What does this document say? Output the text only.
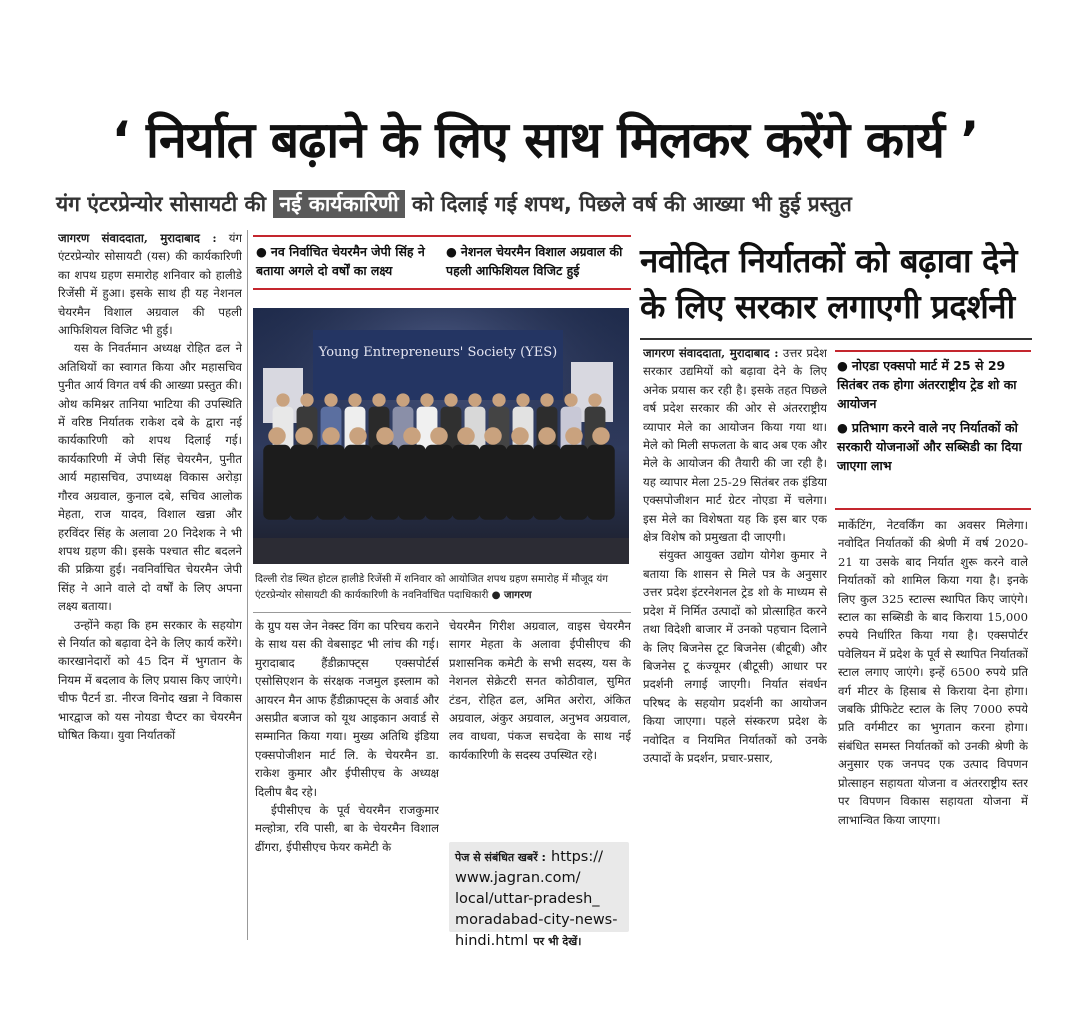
‘ निर्यात बढ़ाने के लिए साथ मिलकर करेंगे कार्य ’
यंग एंटरप्रेन्योर सोसायटी की नई कार्यकारिणी को दिलाई गई शपथ, पिछले वर्ष की आख्या भी हुई प्रस्तुत

जागरण संवाददाता, मुरादाबाद : यंग एंटरप्रेन्योर सोसायटी (यस) की कार्यकारिणी का शपथ ग्रहण समारोह शनिवार को हालीडे रिजेंसी में हुआ। इसके साथ ही यह नेशनल चेयरमैन विशाल अग्रवाल की पहली आफिशियल विजिट भी हुई।

यस के निवर्तमान अध्यक्ष रोहित ढल ने अतिथियों का स्वागत किया और महासचिव पुनीत आर्य विगत वर्ष की आख्या प्रस्तुत की। ओथ कमिश्नर तानिया भाटिया की उपस्थिति में वरिष्ठ निर्यातक राकेश दबे के द्वारा नई कार्यकारिणी को शपथ दिलाई गई। कार्यकारिणी में जेपी सिंह चेयरमैन, पुनीत आर्य महासचिव, उपाध्यक्ष विकास अरोड़ा गौरव अग्रवाल, कुनाल दबे, सचिव आलोक मेहता, राज यादव, विशाल खन्ना और हरविंदर सिंह के अलावा 20 निदेशक ने भी शपथ ग्रहण की। इसके पश्चात सीट बदलने की प्रक्रिया हुई। नवनिर्वाचित चेयरमैन जेपी सिंह ने आने वाले दो वर्षों के लिए अपना लक्ष्य बताया।

उन्होंने कहा कि हम सरकार के सहयोग से निर्यात को बढ़ावा देने के लिए कार्य करेंगे। कारखानेदारों को 45 दिन में भुगतान के नियम में बदलाव के लिए प्रयास किए जाएंगे। चीफ पैटर्न डा. नीरज विनोद खन्ना ने विकास भारद्वाज को यस नोयडा चैप्टर का चेयरमैन घोषित किया। युवा निर्यातकों

● नव निर्वाचित चेयरमैन जेपी सिंह ने बताया अगले दो वर्षों का लक्ष्य
● नेशनल चेयरमैन विशाल अग्रवाल की पहली आफिशियल विजिट हुई
Young Entrepreneurs' Society (YES)
दिल्ली रोड स्थित होटल हालीडे रिजेंसी में शनिवार को आयोजित शपथ ग्रहण समारोह में मौजूद यंग एंटरप्रेन्योर सोसायटी की कार्यकारिणी के नवनिर्वाचित पदाधिकारी ● जागरण

के ग्रुप यस जेन नेक्स्ट विंग का परिचय कराने के साथ यस की वेबसाइट भी लांच की गई। मुरादाबाद हैंडीक्राफ्ट्स एक्सपोर्टर्स एसोसिएशन के संरक्षक नजमुल इस्लाम को आयरन मैन आफ हैंडीक्राफ्ट्स के अवार्ड और असप्रीत बजाज को यूथ आइकान अवार्ड से सम्मानित किया गया। मुख्य अतिथि इंडिया एक्सपोजीशन मार्ट लि. के चेयरमैन डा. राकेश कुमार और ईपीसीएच के अध्यक्ष दिलीप बैद रहे।

ईपीसीएच के पूर्व चेयरमैन राजकुमार मल्होत्रा, रवि पासी, बा के चेयरमैन विशाल ढींगरा, ईपीसीएच फेयर कमेटी के

चेयरमैन गिरीश अग्रवाल, वाइस चेयरमैन सागर मेहता के अलावा ईपीसीएच की प्रशासनिक कमेटी के सभी सदस्य, यस के नेशनल सेक्रेटरी सनत कोठीवाल, सुमित टंडन, रोहित ढल, अमित अरोरा, अंकित अग्रवाल, अंकुर अग्रवाल, अनुभव अग्रवाल, लव वाधवा, पंकज सचदेवा के साथ नई कार्यकारिणी के सदस्य उपस्थित रहे।

पेज से संबंधित खबरें : https:// www.jagran.com/ local/uttar-pradesh_ moradabad-city-news-hindi.html पर भी देखें।
नवोदित निर्यातकों को बढ़ावा देने के लिए सरकार लगाएगी प्रदर्शनी

जागरण संवाददाता, मुरादाबाद : उत्तर प्रदेश सरकार उद्यमियों को बढ़ावा देने के लिए अनेक प्रयास कर रही है। इसके तहत पिछले वर्ष प्रदेश सरकार की ओर से अंतरराष्ट्रीय व्यापार मेले का आयोजन किया गया था। मेले को मिली सफलता के बाद अब एक और मेले के आयोजन की तैयारी की जा रही है। यह व्यापार मेला 25-29 सितंबर तक इंडिया एक्सपोजीशन मार्ट ग्रेटर नोएडा में चलेगा। इस मेले का विशेषता यह कि इस बार एक क्षेत्र विशेष को प्रमुखता दी जाएगी।

संयुक्त आयुक्त उद्योग योगेश कुमार ने बताया कि शासन से मिले पत्र के अनुसार उत्तर प्रदेश इंटरनेशनल ट्रेड शो के माध्यम से प्रदेश में निर्मित उत्पादों को प्रोत्साहित करने तथा विदेशी बाजार में उनको पहचान दिलाने के लिए बिजनेस टूट बिजनेस (बीटूबी) और बिजनेस टू कंज्यूमर (बीटूसी) आधार पर प्रदर्शनी लगाई जाएगी। निर्यात संवर्धन परिषद के सहयोग प्रदर्शनी का आयोजन किया जाएगा। पहले संस्करण प्रदेश के नवोदित व नियमित निर्यातकों को उनके उत्पादों के प्रदर्शन, प्रचार-प्रसार,

● नोएडा एक्सपो मार्ट में 25 से 29 सितंबर तक होगा अंतरराष्ट्रीय ट्रेड शो का आयोजन
● प्रतिभाग करने वाले नए निर्यातकों को सरकारी योजनाओं और सब्सिडी का दिया जाएगा लाभ

मार्केटिंग, नेटवर्किंग का अवसर मिलेगा। नवोदित निर्यातकों की श्रेणी में वर्ष 2020-21 या उसके बाद निर्यात शुरू करने वाले निर्यातकों को शामिल किया गया है। इनके लिए कुल 325 स्टाल्स स्थापित किए जाएंगे। स्टाल का सब्सिडी के बाद किराया 15,000 रुपये निर्धारित किया गया है। एक्सपोर्टर पवेलियन में प्रदेश के पूर्व से स्थापित निर्यातकों स्टाल लगाए जाएंगे। इन्हें 6500 रुपये प्रति वर्ग मीटर के हिसाब से किराया देना होगा। जबकि प्रीफिटेट स्टाल के लिए 7000 रुपये प्रति वर्गमीटर का भुगतान करना होगा। संबंधित समस्त निर्यातकों को उनकी श्रेणी के अनुसार एक जनपद एक उत्पाद विपणन प्रोत्साहन सहायता योजना व अंतरराष्ट्रीय स्तर पर विपणन विकास सहायता योजना में लाभान्वित किया जाएगा।
